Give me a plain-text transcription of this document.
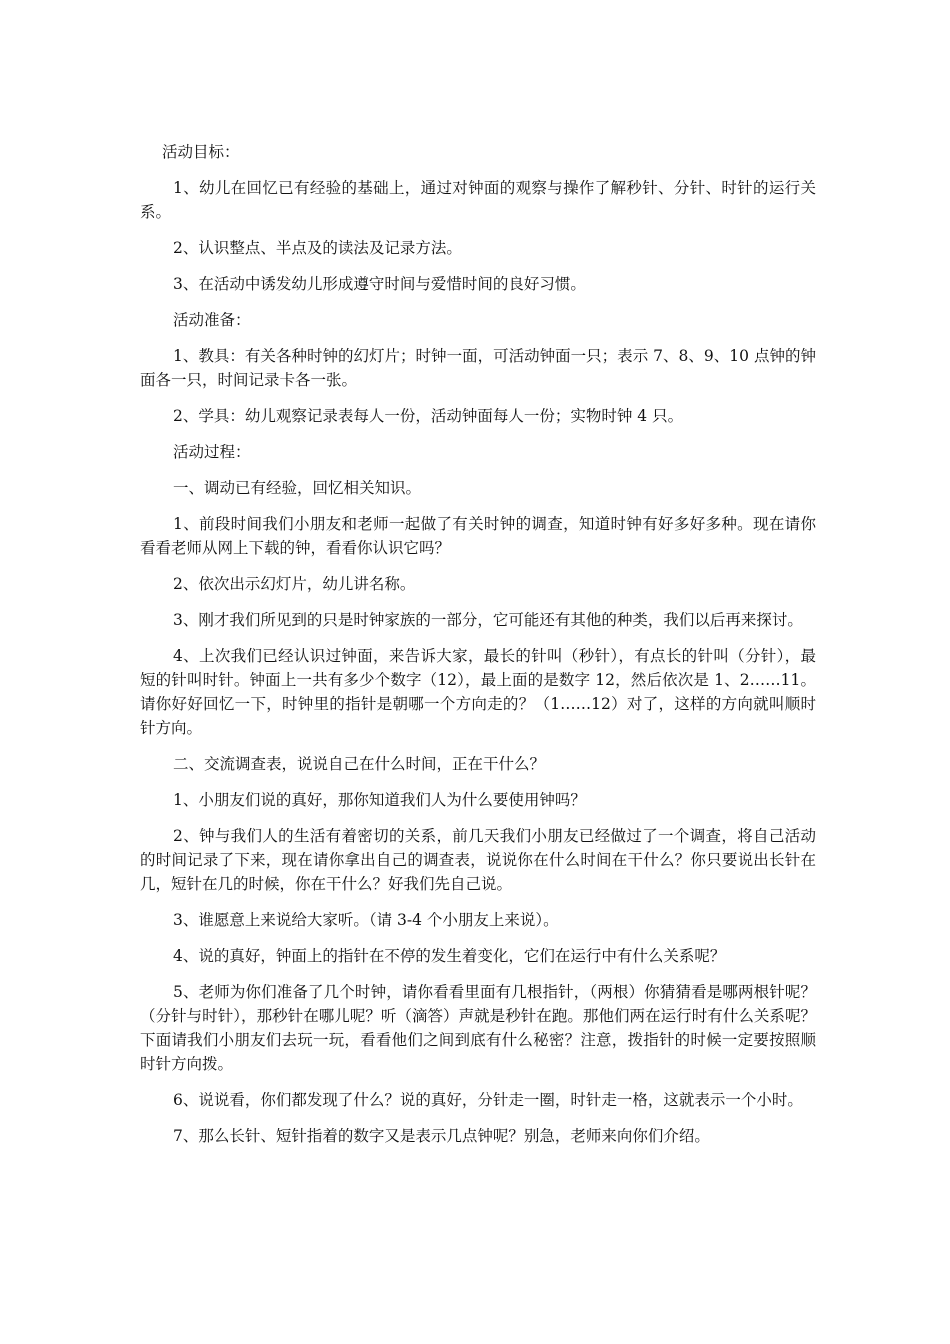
活动目标：

1、幼儿在回忆已有经验的基础上，通过对钟面的观察与操作了解秒针、分针、时针的运行关系。

2、认识整点、半点及的读法及记录方法。

3、在活动中诱发幼儿形成遵守时间与爱惜时间的良好习惯。

活动准备：

1、教具：有关各种时钟的幻灯片；时钟一面，可活动钟面一只；表示 7、8、9、10 点钟的钟面各一只，时间记录卡各一张。

2、学具：幼儿观察记录表每人一份，活动钟面每人一份；实物时钟 4 只。

活动过程：

一、调动已有经验，回忆相关知识。

1、前段时间我们小朋友和老师一起做了有关时钟的调查，知道时钟有好多好多种。现在请你看看老师从网上下载的钟，看看你认识它吗？

2、依次出示幻灯片，幼儿讲名称。

3、刚才我们所见到的只是时钟家族的一部分，它可能还有其他的种类，我们以后再来探讨。

4、上次我们已经认识过钟面，来告诉大家，最长的针叫（秒针），有点长的针叫（分针），最短的针叫时针。钟面上一共有多少个数字（12），最上面的是数字 12，然后依次是 1、2……11。请你好好回忆一下，时钟里的指针是朝哪一个方向走的？（1……12）对了，这样的方向就叫顺时针方向。

二、交流调查表，说说自己在什么时间，正在干什么？

1、小朋友们说的真好，那你知道我们人为什么要使用钟吗？

2、钟与我们人的生活有着密切的关系，前几天我们小朋友已经做过了一个调查，将自己活动的时间记录了下来，现在请你拿出自己的调查表，说说你在什么时间在干什么？你只要说出长针在几，短针在几的时候，你在干什么？好我们先自己说。

3、谁愿意上来说给大家听。（请 3-4 个小朋友上来说）。

4、说的真好，钟面上的指针在不停的发生着变化，它们在运行中有什么关系呢？

5、老师为你们准备了几个时钟，请你看看里面有几根指针，（两根）你猜猜看是哪两根针呢？（分针与时针），那秒针在哪儿呢？听（滴答）声就是秒针在跑。那他们两在运行时有什么关系呢？下面请我们小朋友们去玩一玩，看看他们之间到底有什么秘密？注意，拨指针的时候一定要按照顺时针方向拨。

6、说说看，你们都发现了什么？说的真好，分针走一圈，时针走一格，这就表示一个小时。

7、那么长针、短针指着的数字又是表示几点钟呢？别急，老师来向你们介绍。
